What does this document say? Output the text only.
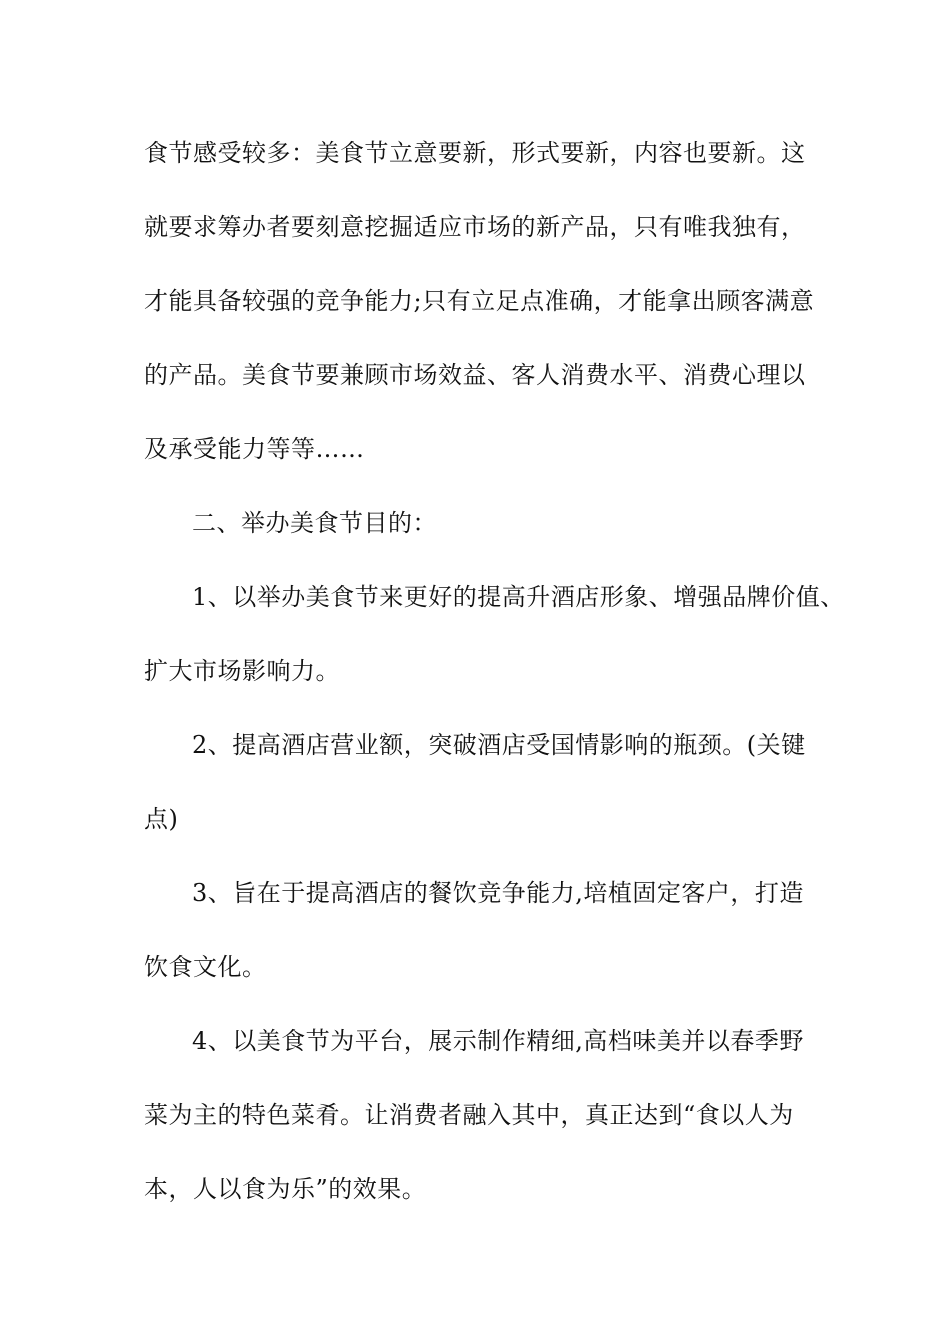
食节感受较多：美食节立意要新，形式要新，内容也要新。这
就要求筹办者要刻意挖掘适应市场的新产品，只有唯我独有，
才能具备较强的竞争能力;只有立足点准确，才能拿出顾客满意
的产品。美食节要兼顾市场效益、客人消费水平、消费心理以
及承受能力等等……
二、举办美食节目的：
1、以举办美食节来更好的提高升酒店形象、增强品牌价值、
扩大市场影响力。
2、提高酒店营业额，突破酒店受国情影响的瓶颈。(关键
点)
3、旨在于提高酒店的餐饮竞争能力,培植固定客户，打造
饮食文化。
4、以美食节为平台，展示制作精细,高档味美并以春季野
菜为主的特色菜肴。让消费者融入其中，真正达到“食以人为
本，人以食为乐”的效果。
